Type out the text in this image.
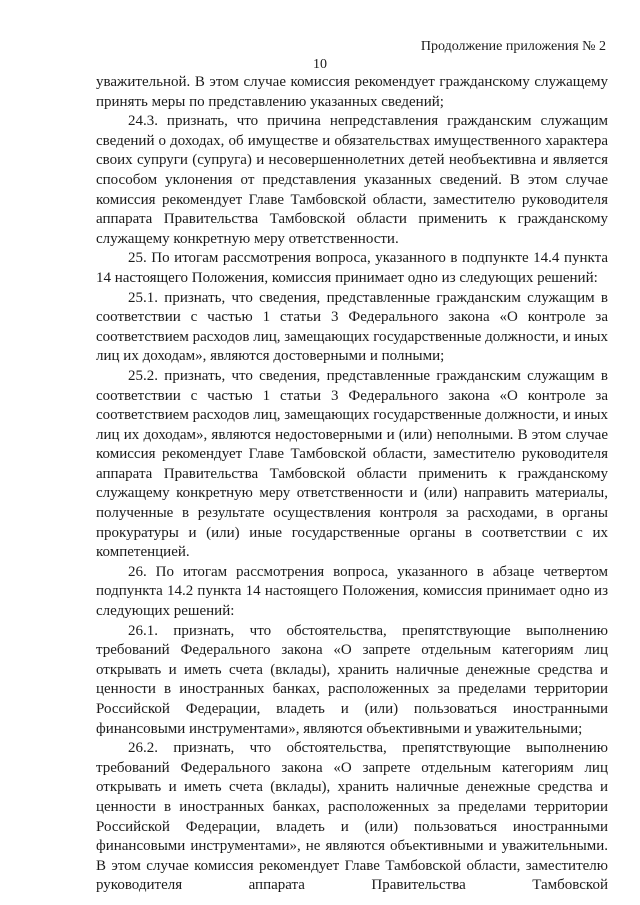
Продолжение приложения № 2
10

уважительной. В этом случае комиссия рекомендует гражданскому служащему принять меры по представлению указанных сведений;

24.3. признать, что причина непредставления гражданским служащим сведений о доходах, об имуществе и обязательствах имущественного характера своих супруги (супруга) и несовершеннолетних детей необъективна и является способом уклонения от представления указанных сведений. В этом случае комиссия рекомендует Главе Тамбовской области, заместителю руководителя аппарата Правительства Тамбовской области применить к гражданскому служащему конкретную меру ответственности.

25. По итогам рассмотрения вопроса, указанного в подпункте 14.4 пункта 14 настоящего Положения, комиссия принимает одно из следующих решений:

25.1. признать, что сведения, представленные гражданским служащим в соответствии с частью 1 статьи 3 Федерального закона «О контроле за соответствием расходов лиц, замещающих государственные должности, и иных лиц их доходам», являются достоверными и полными;

25.2. признать, что сведения, представленные гражданским служащим в соответствии с частью 1 статьи 3 Федерального закона «О контроле за соответствием расходов лиц, замещающих государственные должности, и иных лиц их доходам», являются недостоверными и (или) неполными. В этом случае комиссия рекомендует Главе Тамбовской области, заместителю руководителя аппарата Правительства Тамбовской области применить к гражданскому служащему конкретную меру ответственности и (или) направить материалы, полученные в результате осуществления контроля за расходами, в органы прокуратуры и (или) иные государственные органы в соответствии с их компетенцией.

26. По итогам рассмотрения вопроса, указанного в абзаце четвертом подпункта 14.2 пункта 14 настоящего Положения, комиссия принимает одно из следующих решений:

26.1. признать, что обстоятельства, препятствующие выполнению требований Федерального закона «О запрете отдельным категориям лиц открывать и иметь счета (вклады), хранить наличные денежные средства и ценности в иностранных банках, расположенных за пределами территории Российской Федерации, владеть и (или) пользоваться иностранными финансовыми инструментами», являются объективными и уважительными;

26.2. признать, что обстоятельства, препятствующие выполнению требований Федерального закона «О запрете отдельным категориям лиц открывать и иметь счета (вклады), хранить наличные денежные средства и ценности в иностранных банках, расположенных за пределами территории Российской Федерации, владеть и (или) пользоваться иностранными финансовыми инструментами», не являются объективными и уважительными. В этом случае комиссия рекомендует Главе Тамбовской области, заместителю руководителя аппарата Правительства Тамбовской
